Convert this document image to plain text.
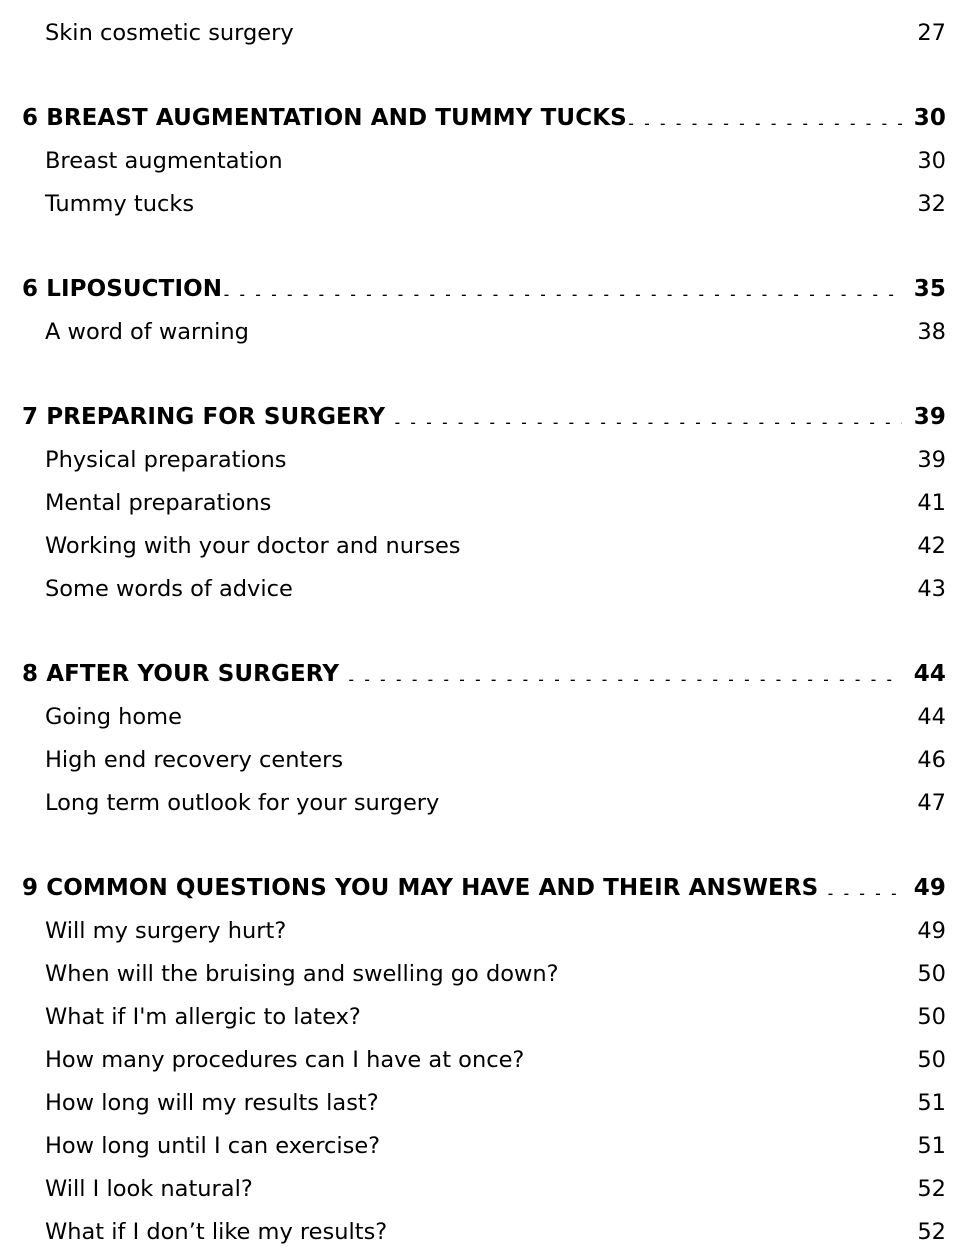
Skin cosmetic surgery . . .	27
6 BREAST AUGMENTATION AND TUMMY TUCKS . . .	30
Breast augmentation . . .	30
Tummy tucks . . .	32
6 LIPOSUCTION . . .	35
A word of warning . . .	38
7 PREPARING FOR SURGERY . . .	39
Physical preparations . . .	39
Mental preparations . . .	41
Working with your doctor and nurses . . .	42
Some words of advice . . .	43
8 AFTER YOUR SURGERY . . .	44
Going home . . .	44
High end recovery centers . . .	46
Long term outlook for your surgery . . .	47
9 COMMON QUESTIONS YOU MAY HAVE AND THEIR ANSWERS . . .	49
Will my surgery hurt? . . .	49
When will the bruising and swelling go down? . . .	50
What if I'm allergic to latex? . . .	50
How many procedures can I have at once? . . .	50
How long will my results last? . . .	51
How long until I can exercise? . . .	51
Will I look natural? . . .	52
What if I don’t like my results? . . .	52
